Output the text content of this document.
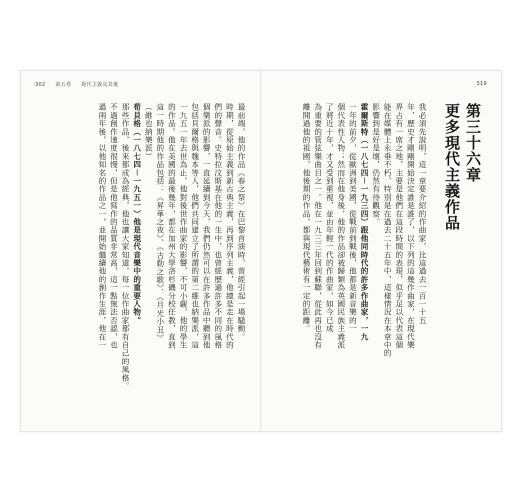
302 第五卷 現代主義及其後	319
第三十六章
更多現代主義作品
我必須先說明，這一章要介紹的作曲家，比這過去一百一十五
年，歷史才剛剛開始決定誰是誰了，以下列的這幾作曲家，在現代樂
界占有一席之地，主要是他們在這段時間的表現，似乎足以代表這個
能在媒體上永垂不朽，特別是在過去二十五年中，這樣情況在本章中的
影響到是好是壞，仍然有待觀察。
霍爾斯特（一八七四－一九三四）跟他同時代的許多作曲家，一九
一年的前夕，從歐洲到美國，從戰前到戰後，他都是新音樂的一
個代表性人物；然而在他身後，他的作品卻被歸類為英國民族主義派
了將近十年，才又受到重視，並由年輕一代的作曲家，如今已成
為重要的管弦樂曲目之一。他在一九三三年回到蘇聯，從此再也沒有
離開過他的祖國，他後期的作品，都與現代藝術有一定的距離。
最前端，他的作品《春之祭》在巴黎首演時，曾經引起一場騷動。
時期，從原始主義到新古典主義，再到序列主義，他總是走在時代的
們的聲音。史特拉汶斯基在他的一生中，也曾經歷過許多不同的風格
個樂派的影響，一直延續到今天，我們仍然可以在許多作品中聽到他
包括貝爾格與魏本等人，他們共同建立了所謂的第二維也納樂派，這
一九五一年去世為止，他對後世作曲家的影響，不可小覷，他的學生
的作品。他在美國的最後幾年，都在加州大學洛杉磯分校任教，直到
這一時期他的作品包括：《昇華之夜》、《古勒之歌》、《月光小丑》
（維也納樂派）
荀貝格（一八七四－一九五一）他是現代音樂中的重要人物。
那些作品，後來都成為經典，他也讓大家知道，每一位作曲家都有自己的風格。
不過創作速度很慢，但是他寫作的品質非常高，這一點無法否認，也
過兩年後，以他知名的作品之一，並開始繼續他的創作生涯，他在一
